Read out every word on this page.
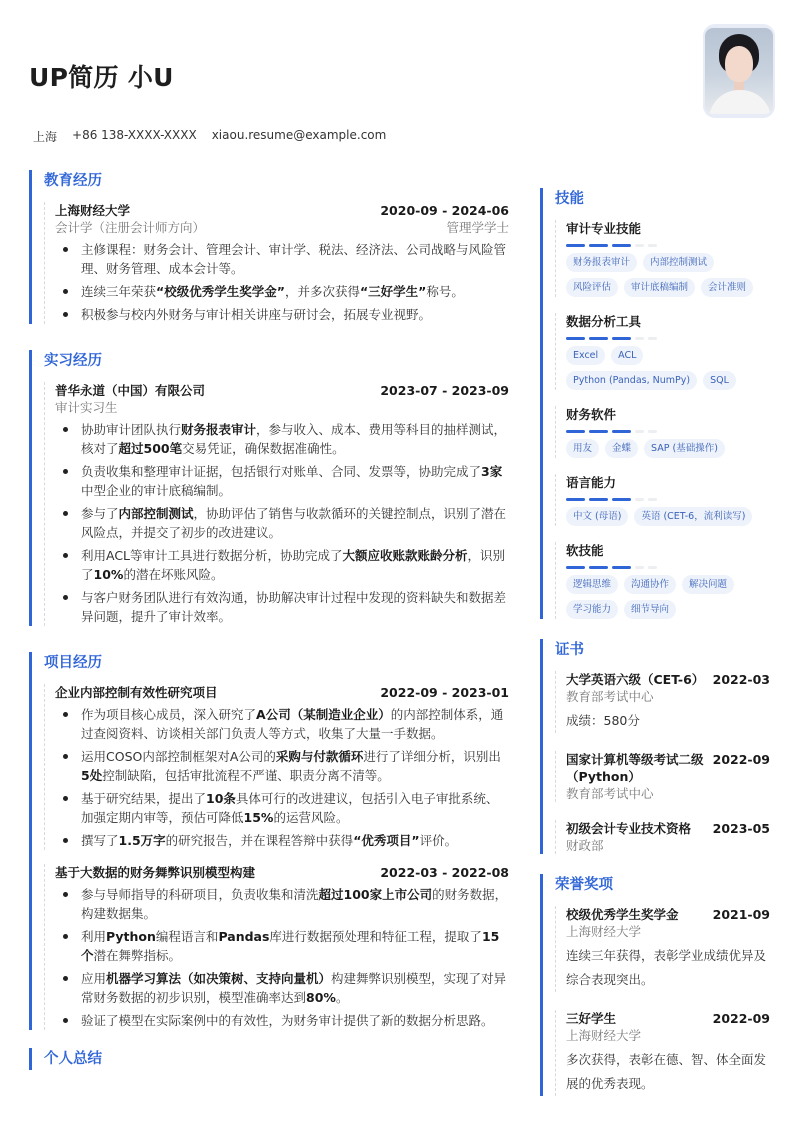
UP简历 小U
上海 +86 138-XXXX-XXXX xiaou.resume@example.com
教育经历
上海财经大学	2020-09 - 2024-06
会计学（注册会计师方向）	管理学学士
主修课程：财务会计、管理会计、审计学、税法、经济法、公司战略与风险管理、财务管理、成本会计等。
连续三年荣获“校级优秀学生奖学金”，并多次获得“三好学生”称号。
积极参与校内外财务与审计相关讲座与研讨会，拓展专业视野。
实习经历
普华永道（中国）有限公司	2023-07 - 2023-09
审计实习生
协助审计团队执行财务报表审计，参与收入、成本、费用等科目的抽样测试，核对了超过500笔交易凭证，确保数据准确性。
负责收集和整理审计证据，包括银行对账单、合同、发票等，协助完成了3家中型企业的审计底稿编制。
参与了内部控制测试，协助评估了销售与收款循环的关键控制点，识别了潜在风险点，并提交了初步的改进建议。
利用ACL等审计工具进行数据分析，协助完成了大额应收账款账龄分析，识别了10%的潜在坏账风险。
与客户财务团队进行有效沟通，协助解决审计过程中发现的资料缺失和数据差异问题，提升了审计效率。
项目经历
企业内部控制有效性研究项目	2022-09 - 2023-01
作为项目核心成员，深入研究了A公司（某制造业企业）的内部控制体系，通过查阅资料、访谈相关部门负责人等方式，收集了大量一手数据。
运用COSO内部控制框架对A公司的采购与付款循环进行了详细分析，识别出5处控制缺陷，包括审批流程不严谨、职责分离不清等。
基于研究结果，提出了10条具体可行的改进建议，包括引入电子审批系统、加强定期内审等，预估可降低15%的运营风险。
撰写了1.5万字的研究报告，并在课程答辩中获得“优秀项目”评价。
基于大数据的财务舞弊识别模型构建	2022-03 - 2022-08
参与导师指导的科研项目，负责收集和清洗超过100家上市公司的财务数据，构建数据集。
利用Python编程语言和Pandas库进行数据预处理和特征工程，提取了15个潜在舞弊指标。
应用机器学习算法（如决策树、支持向量机）构建舞弊识别模型，实现了对异常财务数据的初步识别，模型准确率达到80%。
验证了模型在实际案例中的有效性，为财务审计提供了新的数据分析思路。
个人总结
技能
审计专业技能
财务报表审计	内部控制测试
风险评估	审计底稿编制	会计准则
数据分析工具
Excel	ACL
Python (Pandas, NumPy)	SQL
财务软件
用友	金蝶	SAP (基础操作)
语言能力
中文 (母语)	英语 (CET-6，流利读写)
软技能
逻辑思维	沟通协作	解决问题
学习能力	细节导向
证书
大学英语六级（CET-6） 2022-03
教育部考试中心
成绩：580分
国家计算机等级考试二级（Python）
2022-09
教育部考试中心
初级会计专业技术资格 2023-05
财政部
荣誉奖项
校级优秀学生奖学金	2021-09
上海财经大学
连续三年获得，表彰学业成绩优异及综合表现突出。
三好学生	2022-09
上海财经大学
多次获得，表彰在德、智、体全面发展的优秀表现。
